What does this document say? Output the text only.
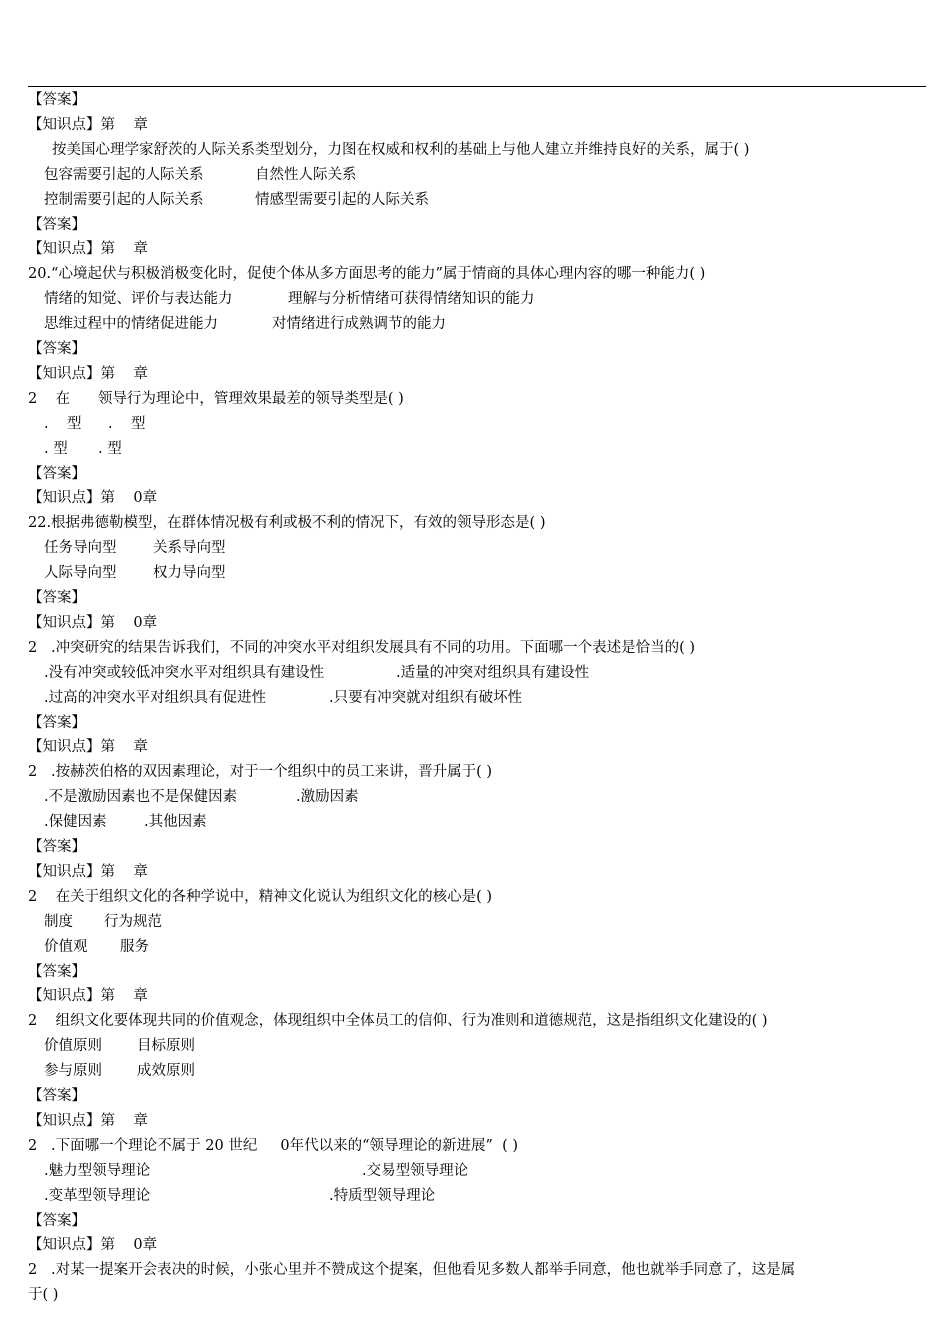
【答案】
【知识点】第    章
按美国心理学家舒茨的人际关系类型划分，力图在权威和权利的基础上与他人建立并维持良好的关系，属于( )
包容需要引起的人际关系	自然性人际关系
控制需要引起的人际关系	情感型需要引起的人际关系
【答案】
【知识点】第    章
20.“心境起伏与积极消极变化时，促使个体从多方面思考的能力”属于情商的具体心理内容的哪一种能力( )
情绪的知觉、评价与表达能力	理解与分析情绪可获得情绪知识的能力
思维过程中的情绪促进能力	对情绪进行成熟调节的能力
【答案】
【知识点】第    章
2    在      领导行为理论中，管理效果最差的领导类型是( )
.    型 .    型
. 型 . 型
【答案】
【知识点】第    0章
22.根据弗德勒模型，在群体情况极有利或极不利的情况下，有效的领导形态是( )
任务导向型	关系导向型
人际导向型	权力导向型
【答案】
【知识点】第    0章
2   .冲突研究的结果告诉我们，不同的冲突水平对组织发展具有不同的功用。下面哪一个表述是恰当的( )
.没有冲突或较低冲突水平对组织具有建设性	.适量的冲突对组织具有建设性
.过高的冲突水平对组织具有促进性	.只要有冲突就对组织有破坏性
【答案】
【知识点】第    章
2   .按赫茨伯格的双因素理论，对于一个组织中的员工来讲，晋升属于( )
.不是激励因素也不是保健因素	.激励因素
.保健因素	.其他因素
【答案】
【知识点】第    章
2    在关于组织文化的各种学说中，精神文化说认为组织文化的核心是( )
制度 行为规范
价值观 服务
【答案】
【知识点】第    章
2    组织文化要体现共同的价值观念，体现组织中全体员工的信仰、行为准则和道德规范，这是指组织文化建设的( )
价值原则 目标原则
参与原则 成效原则
【答案】
【知识点】第    章
2   .下面哪一个理论不属于 20 世纪     0年代以来的“领导理论的新进展”  ( )
.魅力型领导理论	.交易型领导理论
.变革型领导理论	.特质型领导理论
【答案】
【知识点】第    0章
2   .对某一提案开会表决的时候，小张心里并不赞成这个提案，但他看见多数人都举手同意，他也就举手同意了，这是属
于( )
